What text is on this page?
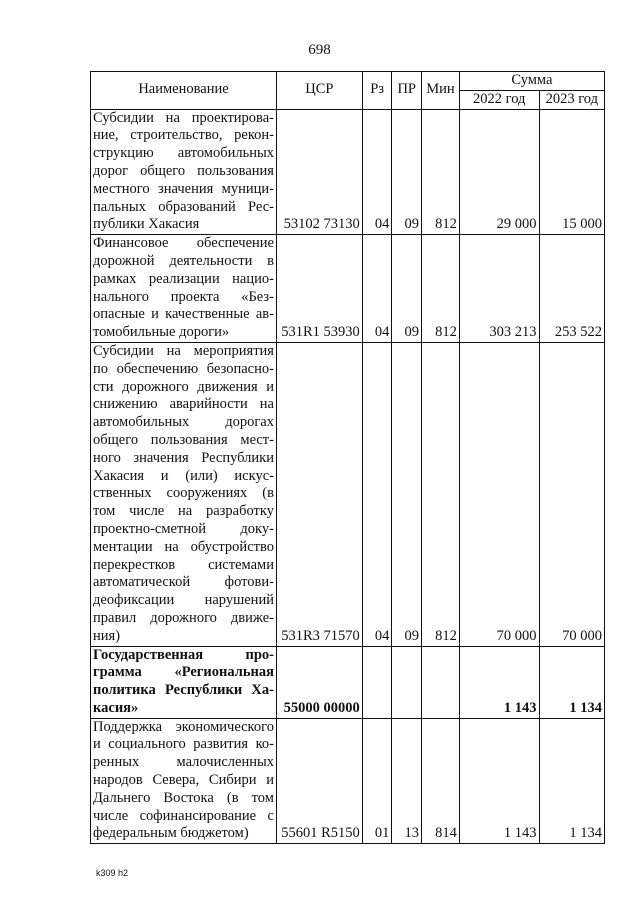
698
Наименование	ЦСР	Рз	ПР	Мин	Сумма	
					2022 год	2023 год
Субсидии на проектирова-ние, строительство, рекон-струкцию автомобильных дорог общего пользования местного значения муници-пальных образований Рес-публики Хакасия	53102 73130	04	09	812	29 000	15 000
Финансовое обеспечение дорожной деятельности в рамках реализации нацио-нального проекта «Без-опасные и качественные ав-томобильные дороги»	531R1 53930	04	09	812	303 213	253 522
Субсидии на мероприятия по обеспечению безопасно-сти дорожного движения и снижению аварийности на автомобильных дорогах общего пользования мест-ного значения Республики Хакасия и (или) искус-ственных сооружениях (в том числе на разработку проектно-сметной доку-ментации на обустройство перекрестков системами автоматической фотови-деофиксации нарушений правил дорожного движе-ния)	531R3 71570	04	09	812	70 000	70 000
Государственная про-грамма «Региональная политика Республики Ха-касия»	55000 00000				1 143	1 134
Поддержка экономического и социального развития ко-ренных малочисленных народов Севера, Сибири и Дальнего Востока (в том числе софинансирование с федеральным бюджетом)	55601 R5150	01	13	814	1 143	1 134
k309 h2
